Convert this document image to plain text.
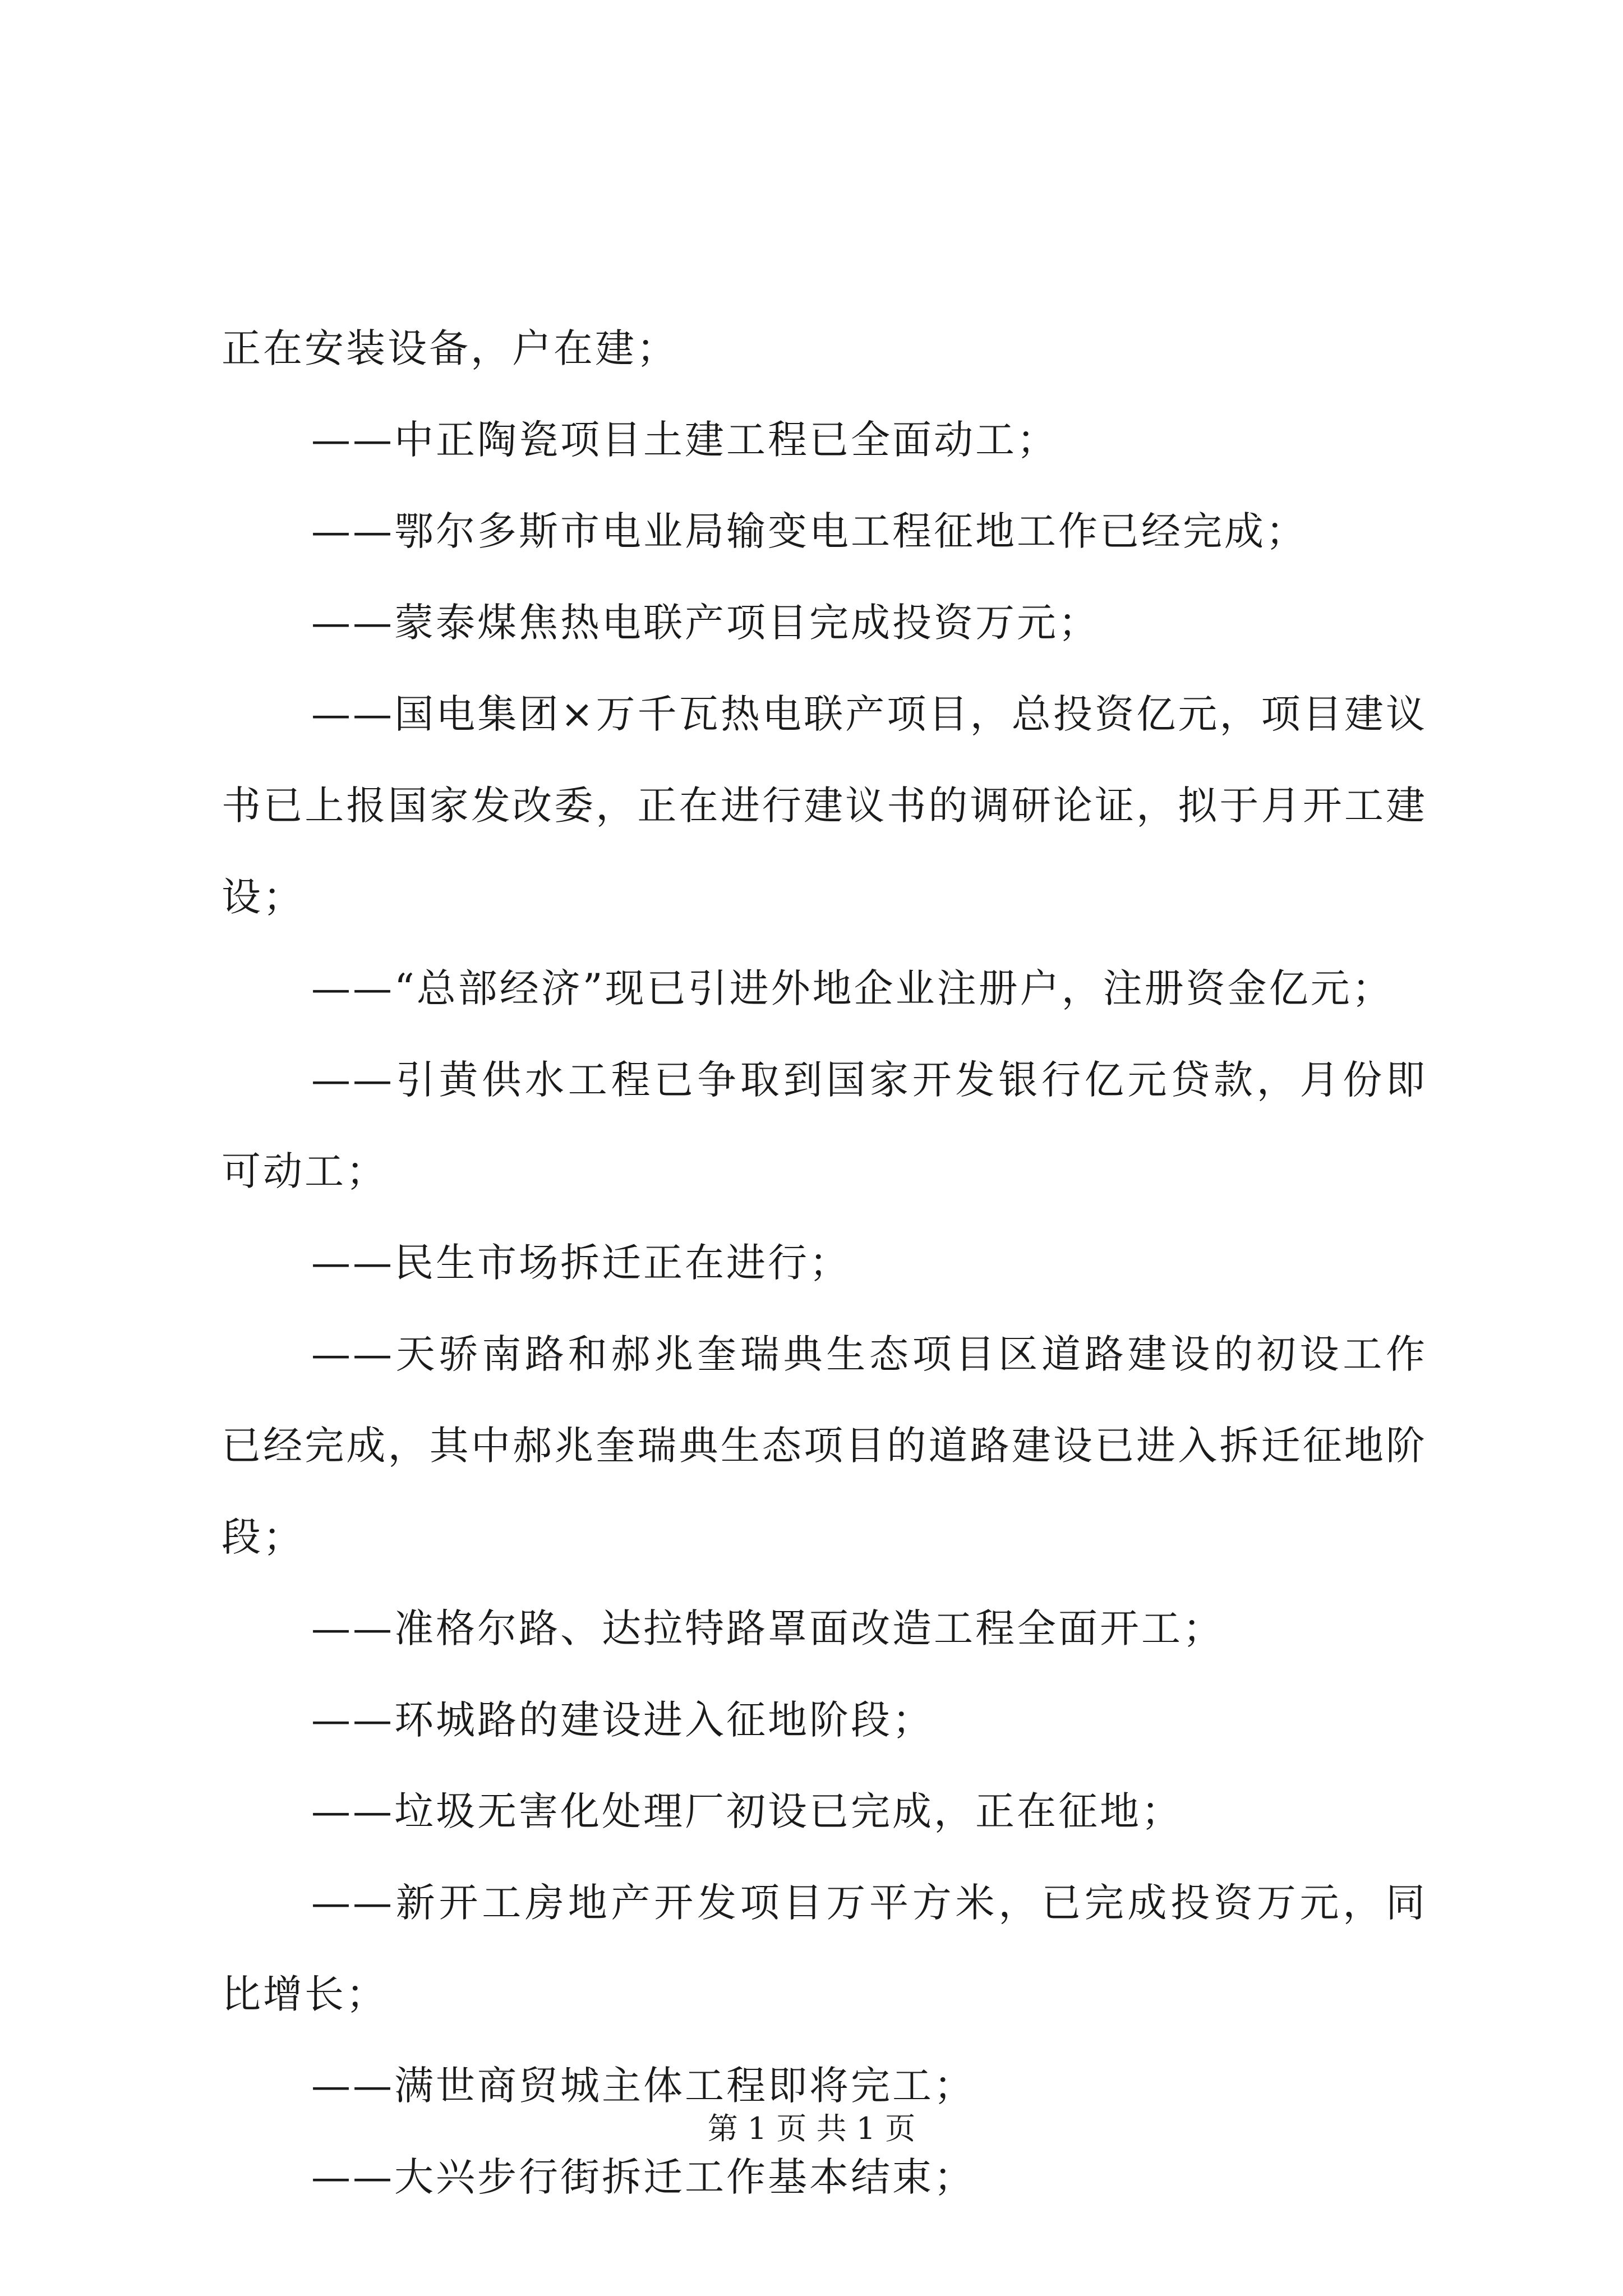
正在安装设备，户在建；

——中正陶瓷项目土建工程已全面动工；

——鄂尔多斯市电业局输变电工程征地工作已经完成；

——蒙泰煤焦热电联产项目完成投资万元；

——国电集团×万千瓦热电联产项目，总投资亿元，项目建议书已上报国家发改委，正在进行建议书的调研论证，拟于月开工建设；

——“总部经济”现已引进外地企业注册户，注册资金亿元；

——引黄供水工程已争取到国家开发银行亿元贷款，月份即可动工；

——民生市场拆迁正在进行；

——天骄南路和郝兆奎瑞典生态项目区道路建设的初设工作已经完成，其中郝兆奎瑞典生态项目的道路建设已进入拆迁征地阶段；

——准格尔路、达拉特路罩面改造工程全面开工；

——环城路的建设进入征地阶段；

——垃圾无害化处理厂初设已完成，正在征地；

——新开工房地产开发项目万平方米，已完成投资万元，同比增长；

——满世商贸城主体工程即将完工；

——大兴步行街拆迁工作基本结束；

第 1 页 共 1 页
